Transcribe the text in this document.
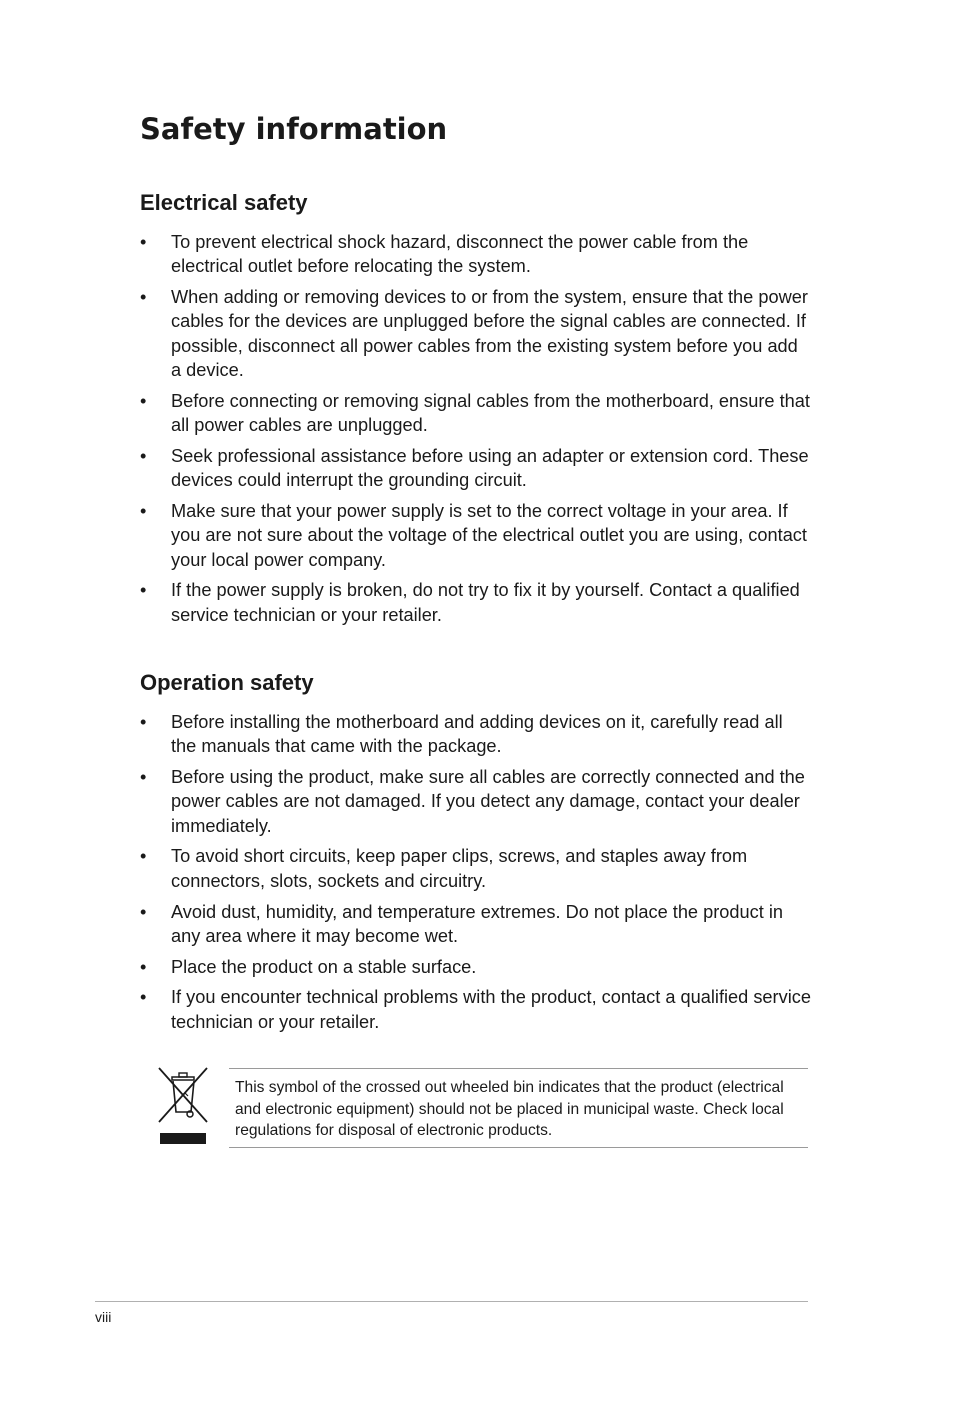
Safety information
Electrical safety
• To prevent electrical shock hazard, disconnect the power cable from the electrical outlet before relocating the system.
• When adding or removing devices to or from the system, ensure that the power cables for the devices are unplugged before the signal cables are connected. If possible, disconnect all power cables from the existing system before you add a device.
• Before connecting or removing signal cables from the motherboard, ensure that all power cables are unplugged.
• Seek professional assistance before using an adapter or extension cord. These devices could interrupt the grounding circuit.
• Make sure that your power supply is set to the correct voltage in your area. If you are not sure about the voltage of the electrical outlet you are using, contact your local power company.
• If the power supply is broken, do not try to fix it by yourself. Contact a qualified service technician or your retailer.
Operation safety
• Before installing the motherboard and adding devices on it, carefully read all the manuals that came with the package.
• Before using the product, make sure all cables are correctly connected and the power cables are not damaged. If you detect any damage, contact your dealer immediately.
• To avoid short circuits, keep paper clips, screws, and staples away from connectors, slots, sockets and circuitry.
• Avoid dust, humidity, and temperature extremes. Do not place the product in any area where it may become wet.
• Place the product on a stable surface.
• If you encounter technical problems with the product, contact a qualified service technician or your retailer.

This symbol of the crossed out wheeled bin indicates that the product (electrical and electronic equipment) should not be placed in municipal waste. Check local regulations for disposal of electronic products.

viii
